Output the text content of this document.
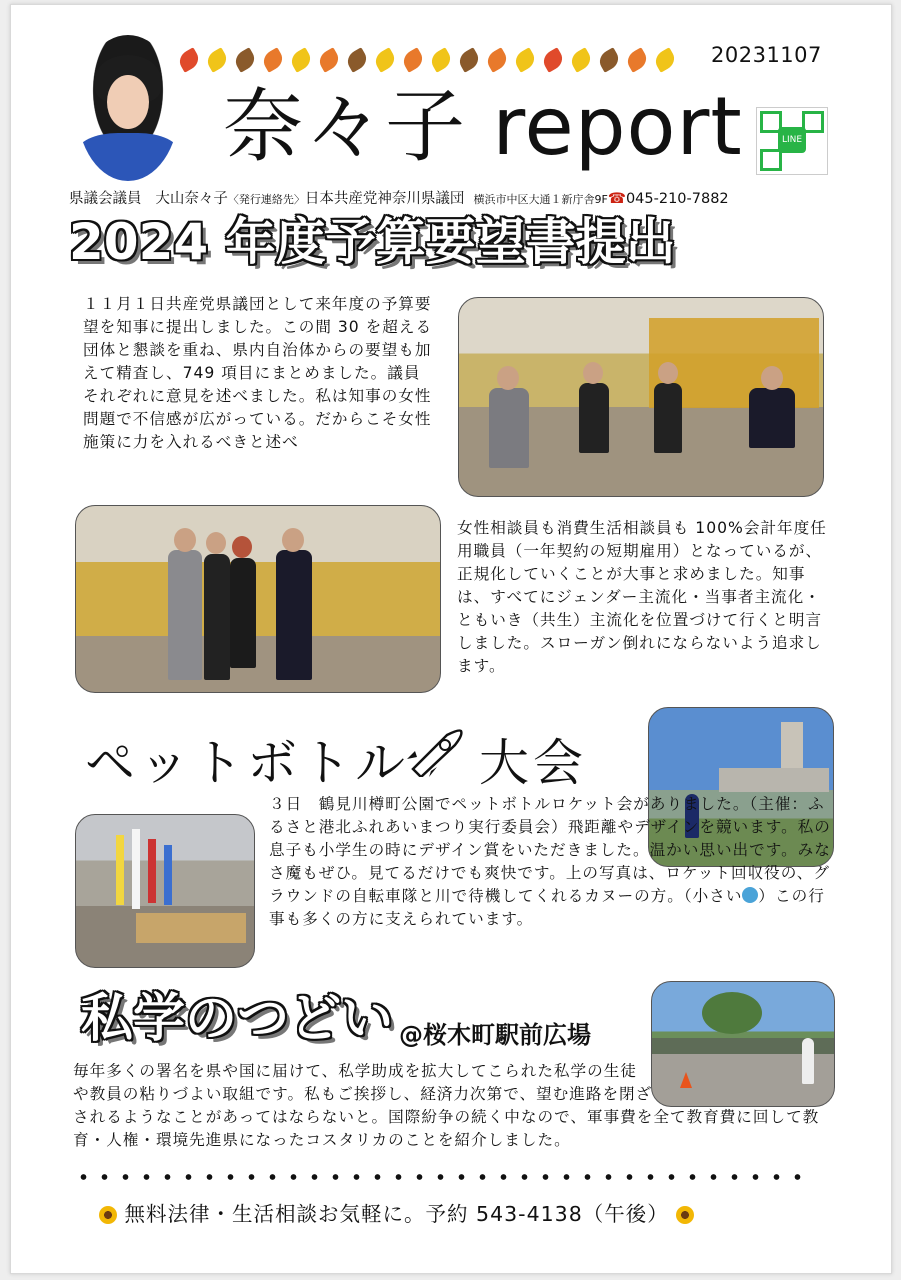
20231107
奈々子 report	LINE
県議会議員 大山奈々子〈発行連絡先〉日本共産党神奈川県議団 横浜市中区大通１新庁舎9F☎045-210-7882
2024 年度予算要望書提出
１１月１日共産党県議団として来年度の予算要望を知事に提出しました。この間 30 を超える団体と懇談を重ね、県内自治体からの要望も加えて精査し、749 項目にまとめました。議員それぞれに意見を述べました。私は知事の女性問題で不信感が広がっている。だからこそ女性施策に力を入れるべきと述べ
女性相談員も消費生活相談員も 100%会計年度任用職員（一年契約の短期雇用）となっているが、正規化していくことが大事と求めました。知事は、すべてにジェンダー主流化・当事者主流化・ともいき（共生）主流化を位置づけて行くと明言しました。スローガン倒れにならないよう追求します。
ペットボトル 大会
３日　鶴見川樽町公園でペットボトルロケット会がありました。（主催：ふるさと港北ふれあいまつり実行委員会）飛距離やデザインを競います。私の息子も小学生の時にデザイン賞をいただきました。温かい思い出です。みなさ魔もぜひ。見てるだけでも爽快です。上の写真は、ロケット回収役の、グラウンドの自転車隊と川で待機してくれるカヌーの方。（小さい ）この行事も多くの方に支えられています。
私学のつどい @桜木町駅前広場
毎年多くの署名を県や国に届けて、私学助成を拡大してこられた私学の生徒や教員の粘りづよい取組です。私もご挨拶し、経済力次第で、望む進路を閉ざされるようなことがあってはならないと。国際紛争の続く中なので、軍事費を全て教育費に回して教育・人権・環境先進県になったコスタリカのことを紹介しました。
無料法律・生活相談お気軽に。予約 543-4138（午後）
